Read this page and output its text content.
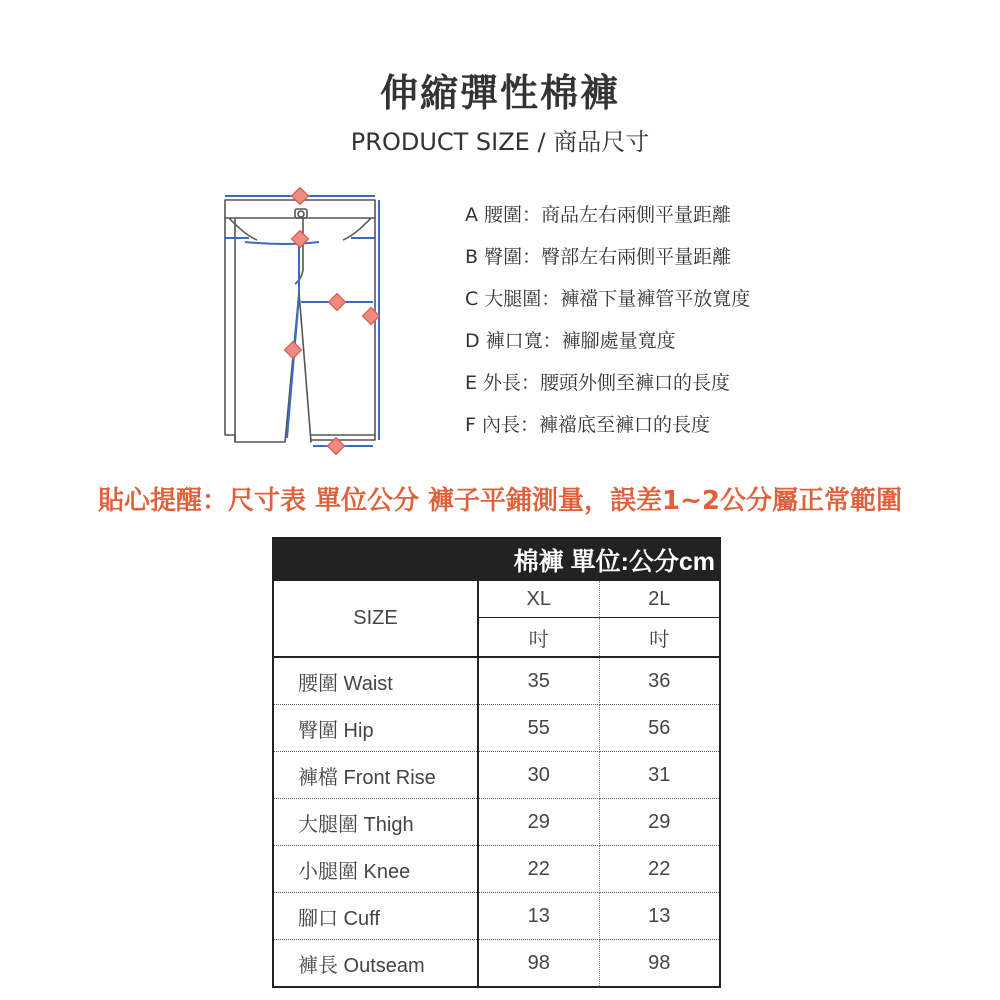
伸縮彈性棉褲
PRODUCT SIZE / 商品尺寸
A 腰圍：商品左右兩側平量距離
B 臀圍：臀部左右兩側平量距離
C 大腿圍：褲襠下量褲管平放寬度
D 褲口寬：褲腳處量寬度
E 外長：腰頭外側至褲口的長度
F 內長：褲襠底至褲口的長度
貼心提醒：尺寸表 單位公分 褲子平鋪測量，誤差1~2公分屬正常範圍
棉褲 單位:公分cm		
SIZE	XL	2L
	吋	吋
腰圍 Waist	35	36
臀圍 Hip	55	56
褲檔 Front Rise	30	31
大腿圍 Thigh	29	29
小腿圍 Knee	22	22
腳口 Cuff	13	13
褲長 Outseam	98	98
